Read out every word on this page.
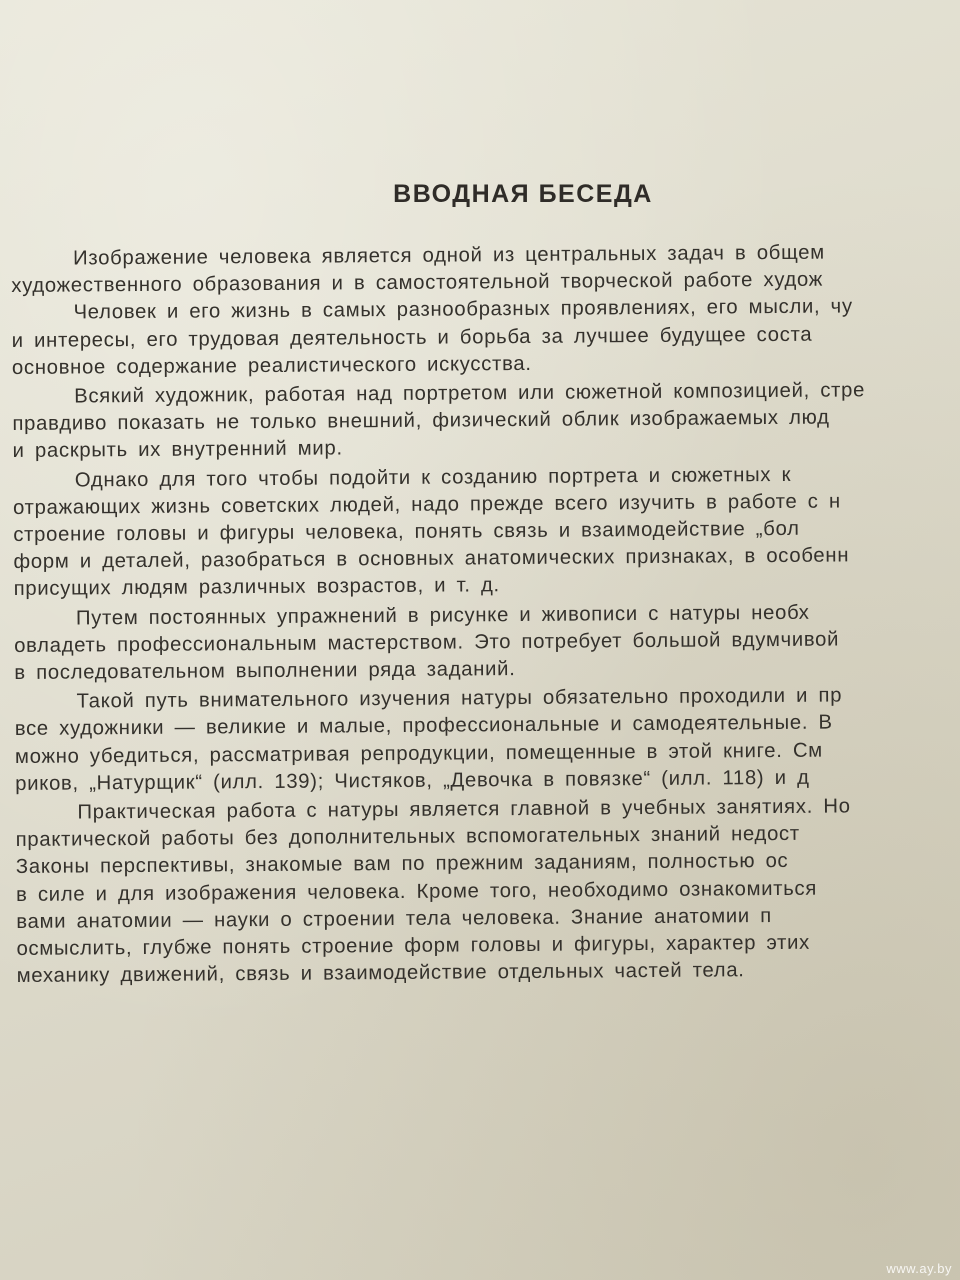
ВВОДНАЯ БЕСЕДА
Изображение человека является одной из центральных задач в общем
художественного образования и в самостоятельной творческой работе худож
Человек и его жизнь в самых разнообразных проявлениях, его мысли, чу
и интересы, его трудовая деятельность и борьба за лучшее будущее соста
основное содержание реалистического искусства.
Всякий художник, работая над портретом или сюжетной композицией, стре
правдиво показать не только внешний, физический облик изображаемых люд
и раскрыть их внутренний мир.
Однако для того чтобы подойти к созданию портрета и сюжетных к
отражающих жизнь советских людей, надо прежде всего изучить в работе с н
строение головы и фигуры человека, понять связь и взаимодействие „бол
форм и деталей, разобраться в основных анатомических признаках, в особенн
присущих людям различных возрастов, и т. д.
Путем постоянных упражнений в рисунке и живописи с натуры необх
овладеть профессиональным мастерством. Это потребует большой вдумчивой
в последовательном выполнении ряда заданий.
Такой путь внимательного изучения натуры обязательно проходили и пр
все художники — великие и малые, профессиональные и самодеятельные. В
можно убедиться, рассматривая репродукции, помещенные в этой книге. См
риков, „Натурщик“ (илл. 139); Чистяков, „Девочка в повязке“ (илл. 118) и д
Практическая работа с натуры является главной в учебных занятиях. Но
практической работы без дополнительных вспомогательных знаний недост
Законы перспективы, знакомые вам по прежним заданиям, полностью ос
в силе и для изображения человека. Кроме того, необходимо ознакомиться
вами анатомии — науки о строении тела человека. Знание анатомии п
осмыслить, глубже понять строение форм головы и фигуры, характер этих
механику движений, связь и взаимодействие отдельных частей тела.
www.ay.by
